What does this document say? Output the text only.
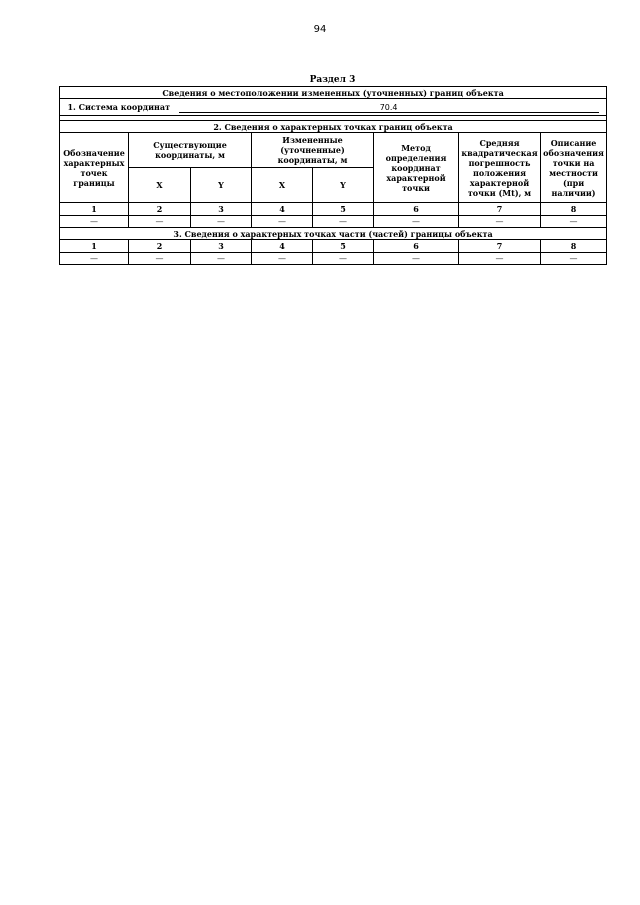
94
Раздел 3
Сведения о местоположении измененных (уточненных) границ объекта							
1. Система координат 70.4							

2. Сведения о характерных точках границ объекта							
Обозначение характерных точек границы	Существующие координаты, м		Измененные (уточненные) координаты, м		Метод определения координат характерной точки	Средняя квадратическая погрешность положения характерной точки (Mt), м	Описание обозначения точки на местности (при наличии)
	X	Y	X	Y			
1	2	3	4	5	6	7	8
—	—	—	—	—	—	—	—
3. Сведения о характерных точках части (частей) границы объекта							
1	2	3	4	5	6	7	8
—	—	—	—	—	—	—	—
